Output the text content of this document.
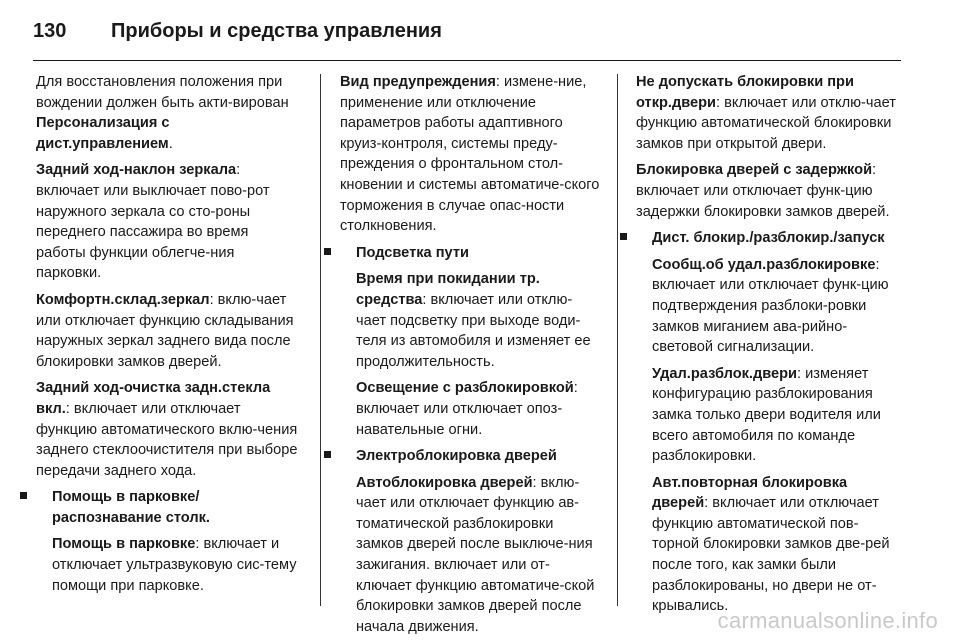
130	Приборы и средства управления

Для восстановления положения при вождении должен быть акти-вирован Персонализация с дист.управлением.

Задний ход-наклон зеркала: включает или выключает пово-рот наружного зеркала со сто-роны переднего пассажира во время работы функции облегче-ния парковки.

Комфортн.склад.зеркал: вклю-чает или отключает функцию складывания наружных зеркал заднего вида после блокировки замков дверей.

Задний ход-очистка задн.стекла вкл.: включает или отключает функцию автоматического вклю-чения заднего стеклоочистителя при выборе передачи заднего хода.

Помощь в парковке/ распознавание столк.

Помощь в парковке: включает и отключает ультразвуковую сис-тему помощи при парковке.

Вид предупреждения: измене-ние, применение или отключение параметров работы адаптивного круиз-контроля, системы преду-преждения о фронтальном стол-кновении и системы автоматиче-ского торможения в случае опас-ности столкновения.

Подсветка пути

Время при покидании тр. средства: включает или отклю-чает подсветку при выходе води-теля из автомобиля и изменяет ее продолжительность.

Освещение с разблокировкой: включает или отключает опоз-навательные огни.

Электроблокировка дверей

Автоблокировка дверей: вклю-чает или отключает функцию ав-томатической разблокировки замков дверей после выключе-ния зажигания. включает или от-ключает функцию автоматиче-ской блокировки замков дверей после начала движения.

Не допускать блокировки при откр.двери: включает или отклю-чает функцию автоматической блокировки замков при открытой двери.

Блокировка дверей с задержкой: включает или отключает функ-цию задержки блокировки замков дверей.

Дист. блокир./разблокир./запуск

Сообщ.об удал.разблокировке: включает или отключает функ-цию подтверждения разблоки-ровки замков миганием ава-рийно-световой сигнализации.

Удал.разблок.двери: изменяет конфигурацию разблокирования замка только двери водителя или всего автомобиля по команде разблокировки.

Авт.повторная блокировка дверей: включает или отключает функцию автоматической пов-торной блокировки замков две-рей после того, как замки были разблокированы, но двери не от-крывались.

carmanualsonline.info
